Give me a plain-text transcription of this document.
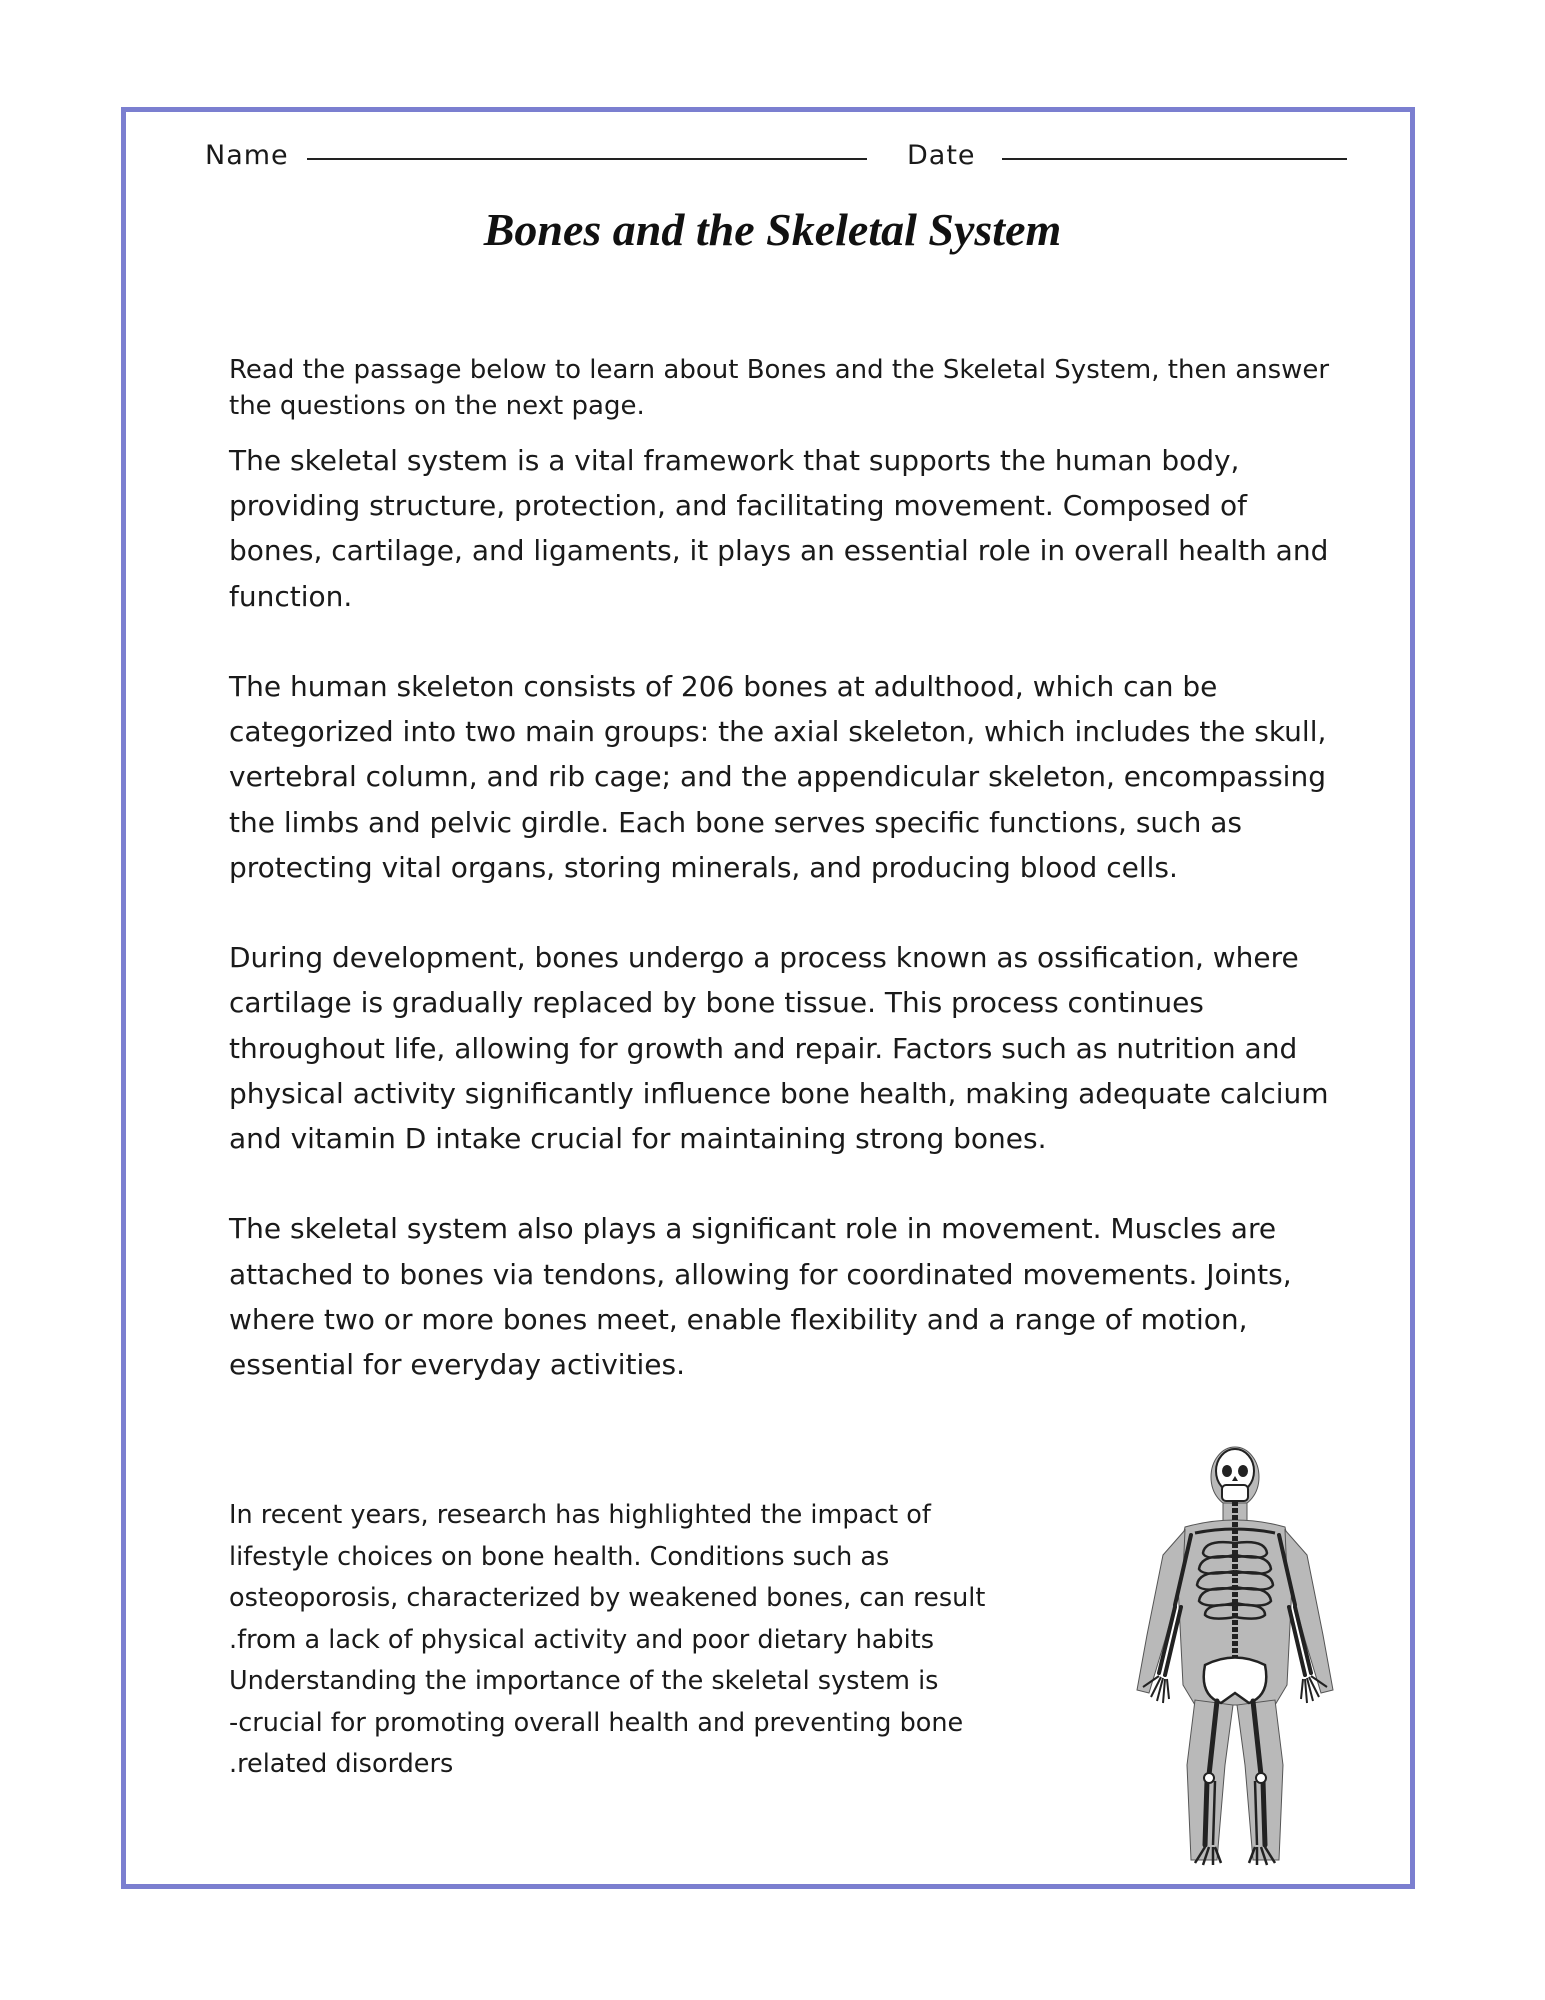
Name	Date
Bones and the Skeletal System

Read the passage below to learn about Bones and the Skeletal System, then answer the questions on the next page.

The skeletal system is a vital framework that supports the human body, providing structure, protection, and facilitating movement. Composed of bones, cartilage, and ligaments, it plays an essential role in overall health and function.

The human skeleton consists of 206 bones at adulthood, which can be categorized into two main groups: the axial skeleton, which includes the skull, vertebral column, and rib cage; and the appendicular skeleton, encompassing the limbs and pelvic girdle. Each bone serves specific functions, such as protecting vital organs, storing minerals, and producing blood cells.

During development, bones undergo a process known as ossification, where cartilage is gradually replaced by bone tissue. This process continues throughout life, allowing for growth and repair. Factors such as nutrition and physical activity significantly influence bone health, making adequate calcium and vitamin D intake crucial for maintaining strong bones.

The skeletal system also plays a significant role in movement. Muscles are attached to bones via tendons, allowing for coordinated movements. Joints, where two or more bones meet, enable flexibility and a range of motion, essential for everyday activities.

In recent years, research has highlighted the impact of
lifestyle choices on bone health. Conditions such as
osteoporosis, characterized by weakened bones, can result
.from a lack of physical activity and poor dietary habits
Understanding the importance of the skeletal system is
-crucial for promoting overall health and preventing bone
.related disorders
